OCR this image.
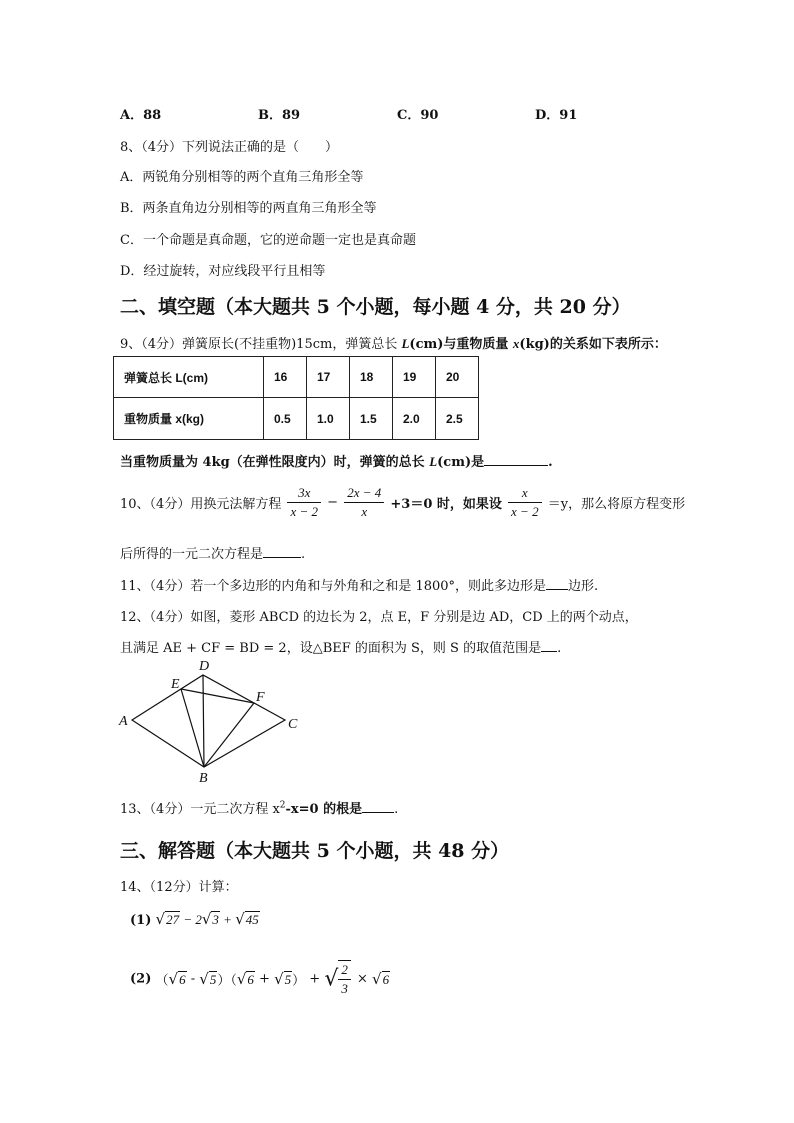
A．88	B．89	C．90	D．91
8、（4分）下列说法正确的是（　　）
A．两锐角分别相等的两个直角三角形全等
B．两条直角边分别相等的两直角三角形全等
C．一个命题是真命题，它的逆命题一定也是真命题
D．经过旋转，对应线段平行且相等
二、填空题（本大题共 5 个小题，每小题 4 分，共 20 分）
9、（4分）弹簧原长(不挂重物)15cm，弹簧总长 L(cm)与重物质量 x(kg)的关系如下表所示：
弹簧总长 L(cm)	16	17	18	19	20
重物质量 x(kg)	0.5	1.0	1.5	2.0	2.5
当重物质量为 4kg（在弹性限度内）时，弹簧的总长 L(cm)是	.
10、（4分）用换元法解方程 $\frac{3x}{x - 2} - \frac{2x - 4}{x} +3=0$ 时，如果设 $\frac{x}{x - 2} =y$，那么将原方程变形
后所得的一元二次方程是	.
11、（4分）若一个多边形的内角和与外角和之和是 1800°，则此多边形是 边形.
12、（4分）如图，菱形 ABCD 的边长为 2，点 E，F 分别是边 AD，CD 上的两个动点，
且满足 AE + CF = BD = 2，设△BEF 的面积为 S，则 S 的取值范围是 .
A
D
C
B
E
F
13、（4分）一元二次方程 $x^2-x=0$ 的根是 .
三、解答题（本大题共 5 个小题，共 48 分）
14、（12分）计算：
(1) √27 − 2√3 + √45
(2) （√6 - √5）（√6 + √5） + √ $\frac{2}{3} \times √6$
